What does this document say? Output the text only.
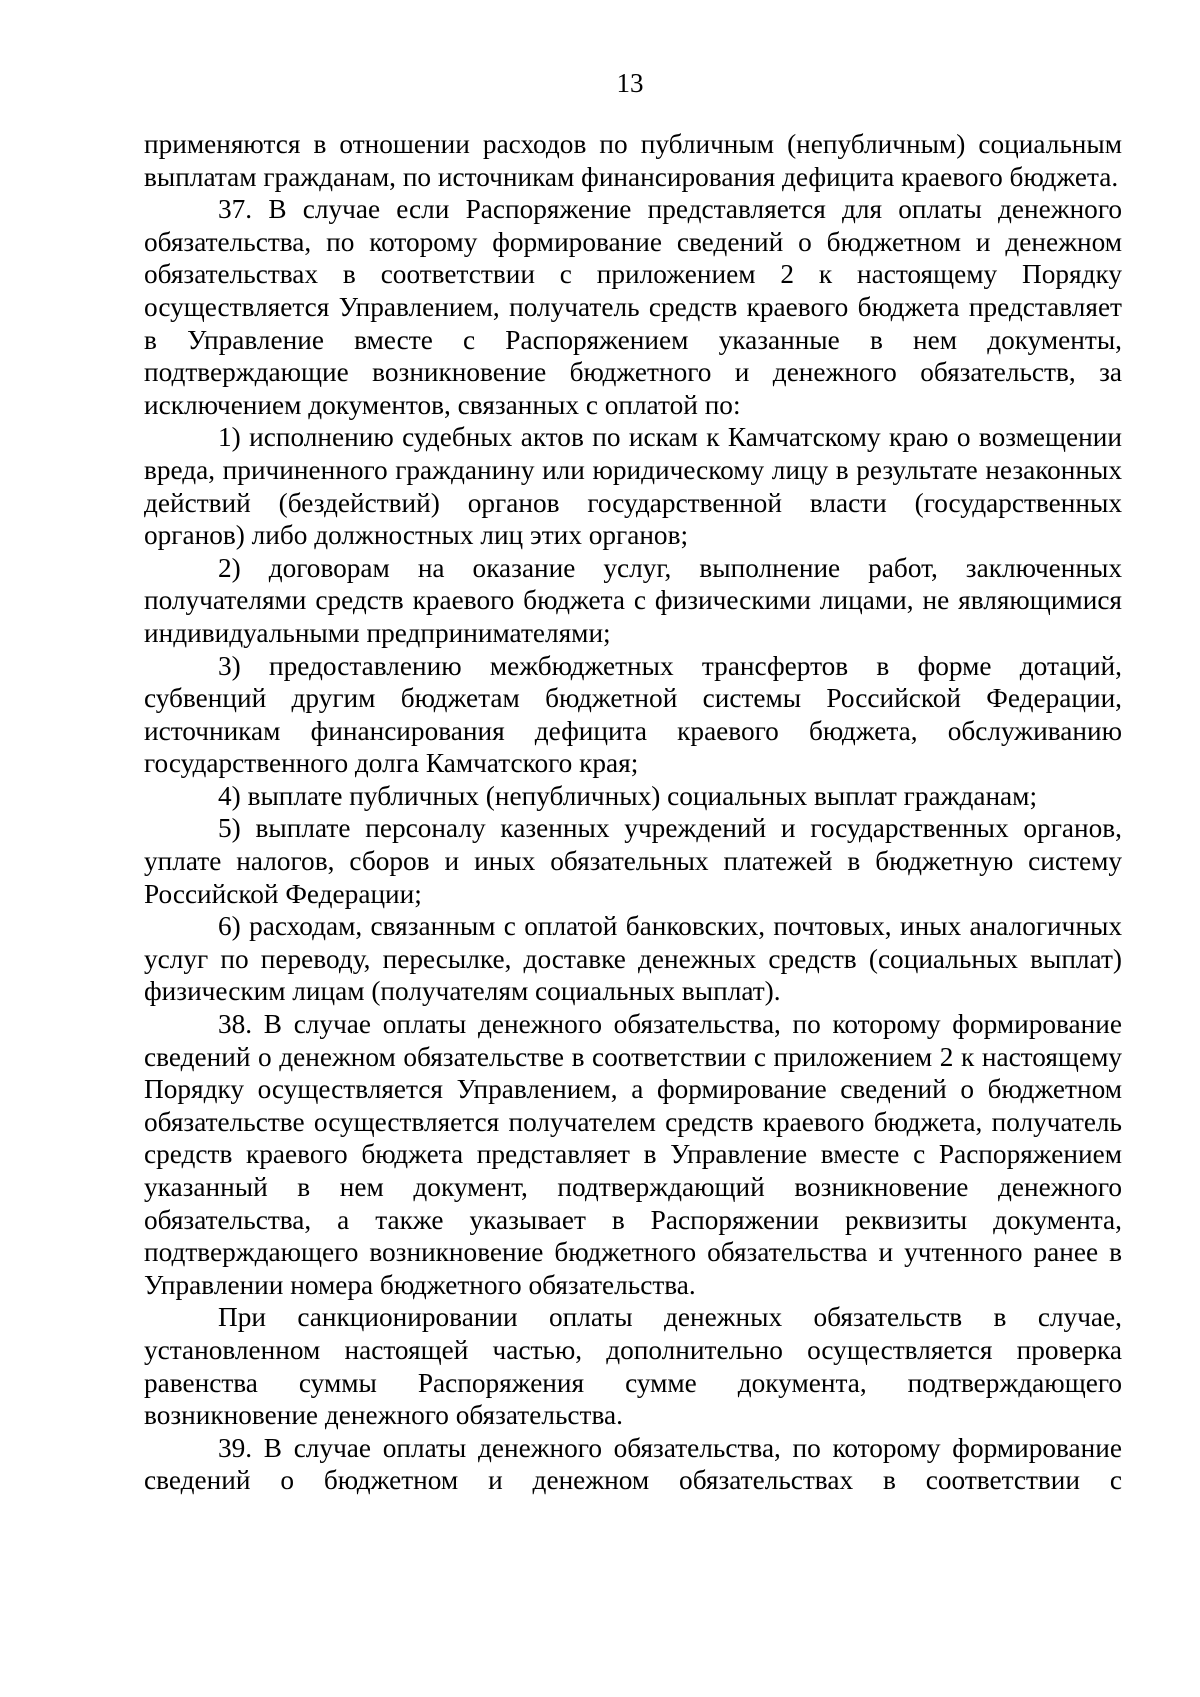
13

применяются в отношении расходов по публичным (непубличным) социальным выплатам гражданам, по источникам финансирования дефицита краевого бюджета.

37. В случае если Распоряжение представляется для оплаты денежного обязательства, по которому формирование сведений о бюджетном и денежном обязательствах в соответствии с приложением 2 к настоящему Порядку осуществляется Управлением, получатель средств краевого бюджета представляет в Управление вместе с Распоряжением указанные в нем документы, подтверждающие возникновение бюджетного и денежного обязательств, за исключением документов, связанных с оплатой по:

1) исполнению судебных актов по искам к Камчатскому краю о возмещении вреда, причиненного гражданину или юридическому лицу в результате незаконных действий (бездействий) органов государственной власти (государственных органов) либо должностных лиц этих органов;

2) договорам на оказание услуг, выполнение работ, заключенных получателями средств краевого бюджета с физическими лицами, не являющимися индивидуальными предпринимателями;

3) предоставлению межбюджетных трансфертов в форме дотаций, субвенций другим бюджетам бюджетной системы Российской Федерации, источникам финансирования дефицита краевого бюджета, обслуживанию государственного долга Камчатского края;

4) выплате публичных (непубличных) социальных выплат гражданам;

5) выплате персоналу казенных учреждений и государственных органов, уплате налогов, сборов и иных обязательных платежей в бюджетную систему Российской Федерации;

6) расходам, связанным с оплатой банковских, почтовых, иных аналогичных услуг по переводу, пересылке, доставке денежных средств (социальных выплат) физическим лицам (получателям социальных выплат).

38. В случае оплаты денежного обязательства, по которому формирование сведений о денежном обязательстве в соответствии с приложением 2 к настоящему Порядку осуществляется Управлением, а формирование сведений о бюджетном обязательстве осуществляется получателем средств краевого бюджета, получатель средств краевого бюджета представляет в Управление вместе с Распоряжением указанный в нем документ, подтверждающий возникновение денежного обязательства, а также указывает в Распоряжении реквизиты документа, подтверждающего возникновение бюджетного обязательства и учтенного ранее в Управлении номера бюджетного обязательства.

При санкционировании оплаты денежных обязательств в случае, установленном настоящей частью, дополнительно осуществляется проверка равенства суммы Распоряжения сумме документа, подтверждающего возникновение денежного обязательства.

39. В случае оплаты денежного обязательства, по которому формирование сведений о бюджетном и денежном обязательствах в соответствии с
